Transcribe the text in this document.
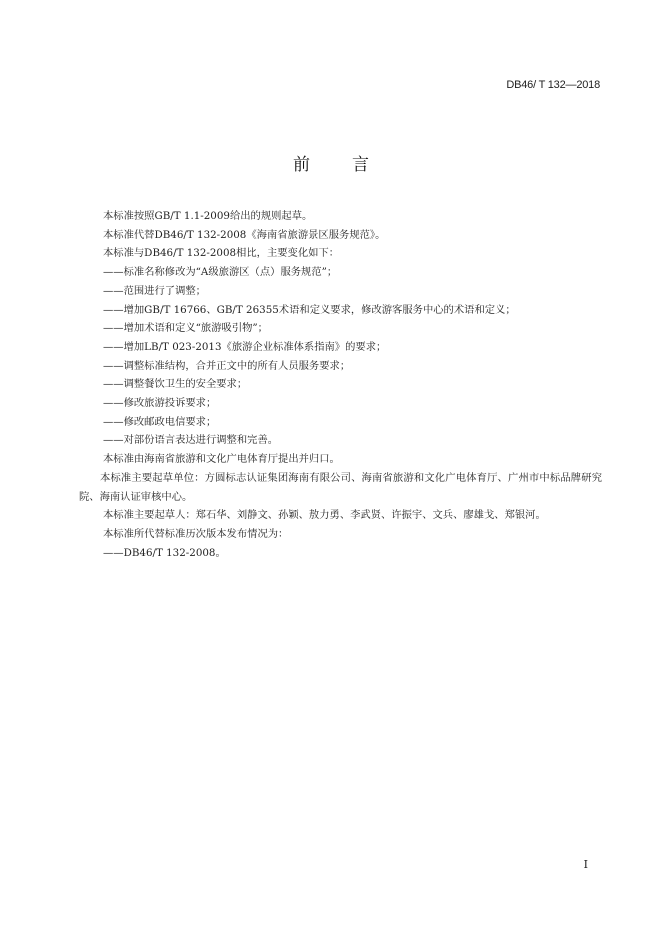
DB46/ T 132—2018
前 言

本标准按照GB/T 1.1-2009给出的规则起草。

本标准代替DB46/T 132-2008《海南省旅游景区服务规范》。

本标准与DB46/T 132-2008相比，主要变化如下：

——标准名称修改为“A级旅游区（点）服务规范”；

——范围进行了调整；

——增加GB/T 16766、GB/T 26355术语和定义要求，修改游客服务中心的术语和定义；

——增加术语和定义“旅游吸引物”；

——增加LB/T 023-2013《旅游企业标准体系指南》的要求；

——调整标准结构，合并正文中的所有人员服务要求；

——调整餐饮卫生的安全要求；

——修改旅游投诉要求；

——修改邮政电信要求；

——对部份语言表达进行调整和完善。

本标准由海南省旅游和文化广电体育厅提出并归口。

本标准主要起草单位：方圆标志认证集团海南有限公司、海南省旅游和文化广电体育厅、广州市中标品牌研究院、海南认证审核中心。

本标准主要起草人：郑石华、刘静文、孙颖、敖力勇、李武贤、许振宇、文兵、廖雄戈、郑银河。

本标准所代替标准历次版本发布情况为：

——DB46/T 132-2008。

I
